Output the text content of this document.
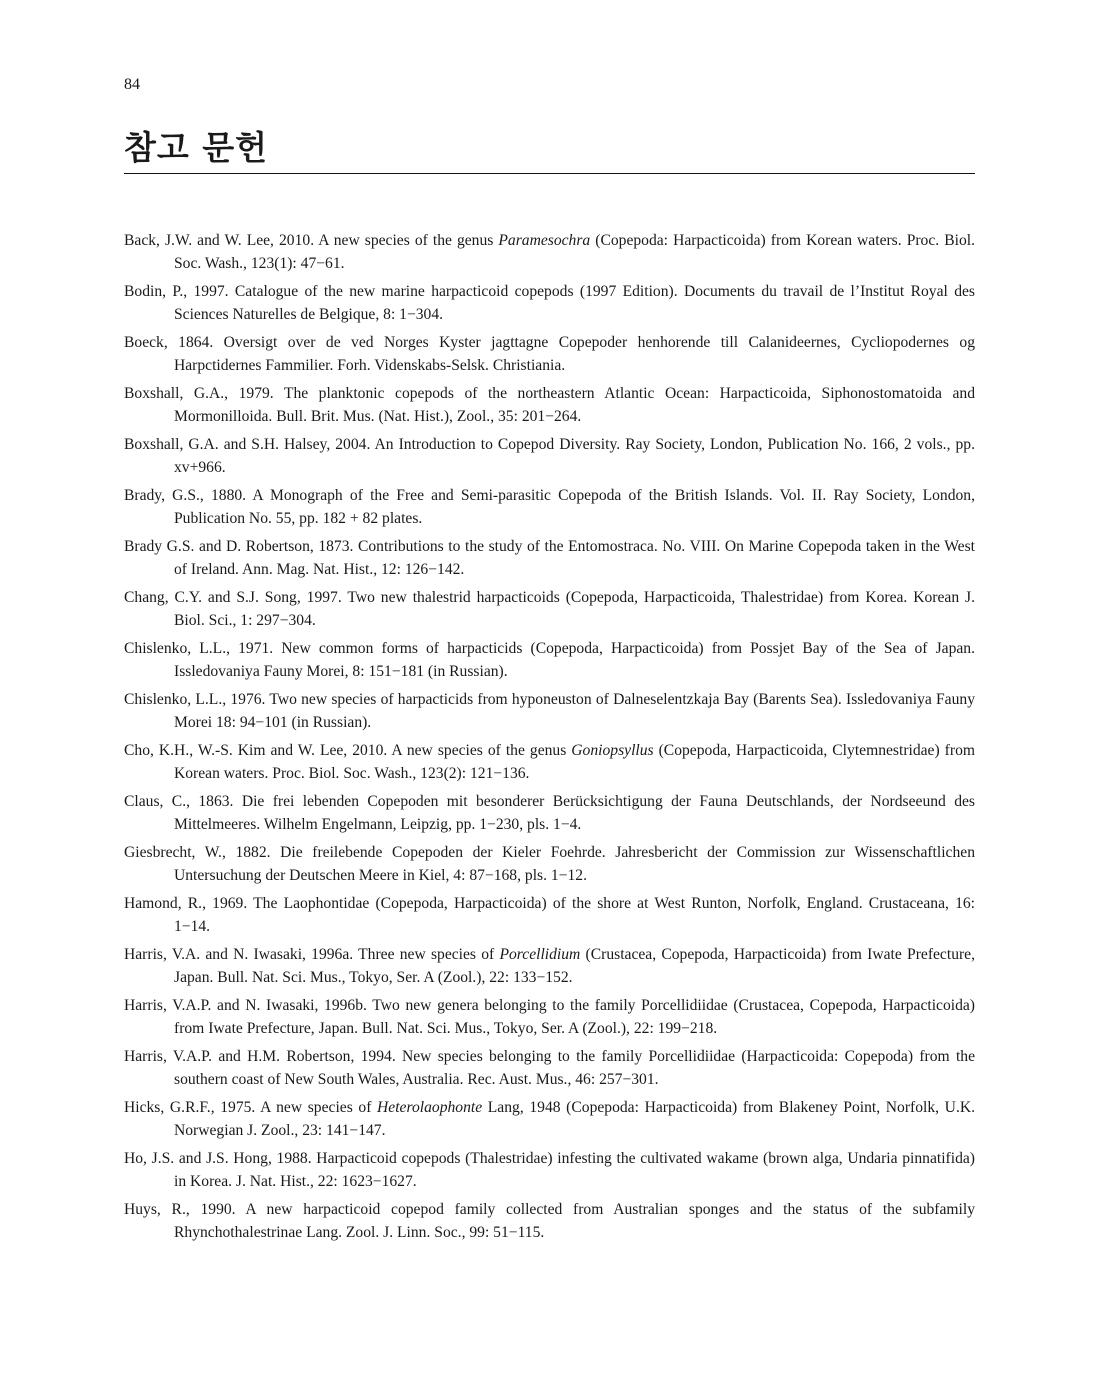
84
참고 문헌
Back, J.W. and W. Lee, 2010. A new species of the genus Paramesochra (Copepoda: Harpacticoida) from Korean waters. Proc. Biol. Soc. Wash., 123(1): 47−61.
Bodin, P., 1997. Catalogue of the new marine harpacticoid copepods (1997 Edition). Documents du travail de l’Institut Royal des Sciences Naturelles de Belgique, 8: 1−304.
Boeck, 1864. Oversigt over de ved Norges Kyster jagttagne Copepoder henhorende till Calanideernes, Cycliopodernes og Harpctidernes Fammilier. Forh. Videnskabs-Selsk. Christiania.
Boxshall, G.A., 1979. The planktonic copepods of the northeastern Atlantic Ocean: Harpacticoida, Siphonostomatoida and Mormonilloida. Bull. Brit. Mus. (Nat. Hist.), Zool., 35: 201−264.
Boxshall, G.A. and S.H. Halsey, 2004. An Introduction to Copepod Diversity. Ray Society, London, Publication No. 166, 2 vols., pp. xv+966.
Brady, G.S., 1880. A Monograph of the Free and Semi-parasitic Copepoda of the British Islands. Vol. II. Ray Society, London, Publication No. 55, pp. 182 + 82 plates.
Brady G.S. and D. Robertson, 1873. Contributions to the study of the Entomostraca. No. VIII. On Marine Copepoda taken in the West of Ireland. Ann. Mag. Nat. Hist., 12: 126−142.
Chang, C.Y. and S.J. Song, 1997. Two new thalestrid harpacticoids (Copepoda, Harpacticoida, Thalestridae) from Korea. Korean J. Biol. Sci., 1: 297−304.
Chislenko, L.L., 1971. New common forms of harpacticids (Copepoda, Harpacticoida) from Possjet Bay of the Sea of Japan. Issledovaniya Fauny Morei, 8: 151−181 (in Russian).
Chislenko, L.L., 1976. Two new species of harpacticids from hyponeuston of Dalneselentzkaja Bay (Barents Sea). Issledovaniya Fauny Morei 18: 94−101 (in Russian).
Cho, K.H., W.-S. Kim and W. Lee, 2010. A new species of the genus Goniopsyllus (Copepoda, Harpacticoida, Clytemnestridae) from Korean waters. Proc. Biol. Soc. Wash., 123(2): 121−136.
Claus, C., 1863. Die frei lebenden Copepoden mit besonderer Berücksichtigung der Fauna Deutschlands, der Nordseeund des Mittelmeeres. Wilhelm Engelmann, Leipzig, pp. 1−230, pls. 1−4.
Giesbrecht, W., 1882. Die freilebende Copepoden der Kieler Foehrde. Jahresbericht der Commission zur Wissenschaftlichen Untersuchung der Deutschen Meere in Kiel, 4: 87−168, pls. 1−12.
Hamond, R., 1969. The Laophontidae (Copepoda, Harpacticoida) of the shore at West Runton, Norfolk, England. Crustaceana, 16: 1−14.
Harris, V.A. and N. Iwasaki, 1996a. Three new species of Porcellidium (Crustacea, Copepoda, Harpacticoida) from Iwate Prefecture, Japan. Bull. Nat. Sci. Mus., Tokyo, Ser. A (Zool.), 22: 133−152.
Harris, V.A.P. and N. Iwasaki, 1996b. Two new genera belonging to the family Porcellidiidae (Crustacea, Copepoda, Harpacticoida) from Iwate Prefecture, Japan. Bull. Nat. Sci. Mus., Tokyo, Ser. A (Zool.), 22: 199−218.
Harris, V.A.P. and H.M. Robertson, 1994. New species belonging to the family Porcellidiidae (Harpacticoida: Copepoda) from the southern coast of New South Wales, Australia. Rec. Aust. Mus., 46: 257−301.
Hicks, G.R.F., 1975. A new species of Heterolaophonte Lang, 1948 (Copepoda: Harpacticoida) from Blakeney Point, Norfolk, U.K. Norwegian J. Zool., 23: 141−147.
Ho, J.S. and J.S. Hong, 1988. Harpacticoid copepods (Thalestridae) infesting the cultivated wakame (brown alga, Undaria pinnatifida) in Korea. J. Nat. Hist., 22: 1623−1627.
Huys, R., 1990. A new harpacticoid copepod family collected from Australian sponges and the status of the subfamily Rhynchothalestrinae Lang. Zool. J. Linn. Soc., 99: 51−115.
